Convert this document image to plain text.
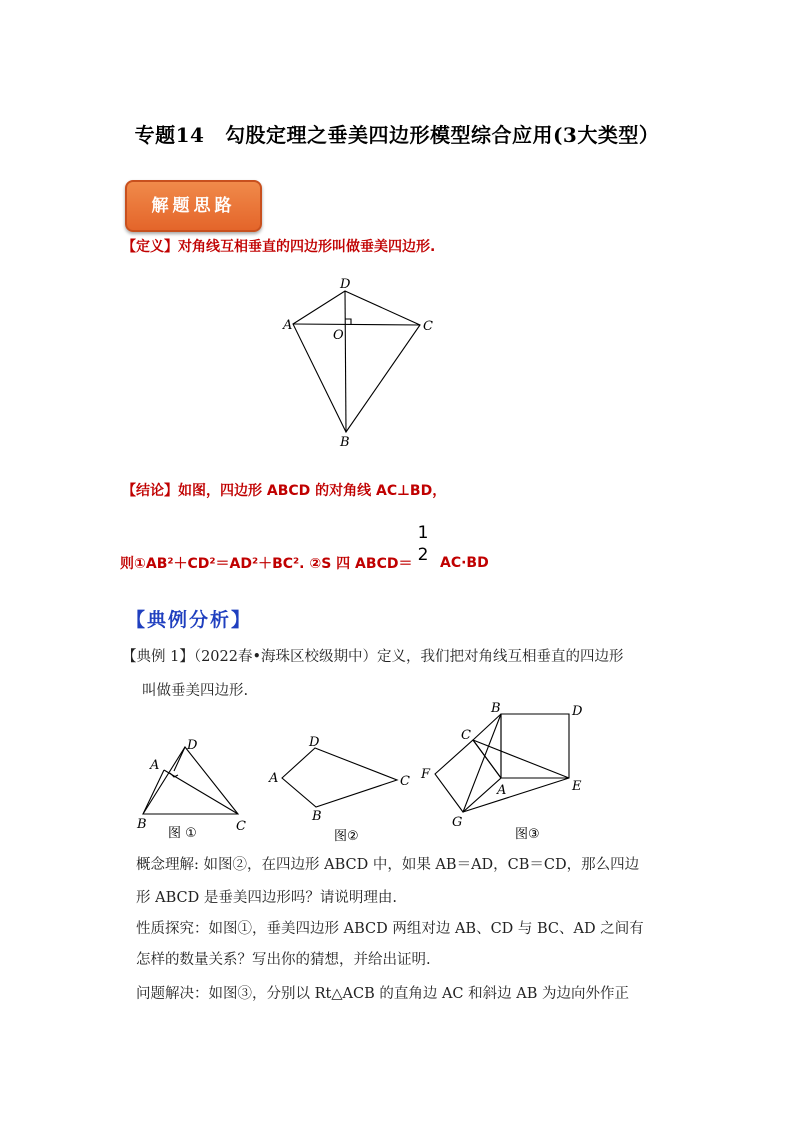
专题14　勾股定理之垂美四边形模型综合应用(3大类型）
解题思路
【定义】对角线互相垂直的四边形叫做垂美四边形.
D
A	C
O
B
【结论】如图，四边形 ABCD 的对角线 AC⊥BD，
则①AB²＋CD²＝AD²＋BC². ②S 四 ABCD＝
1
2 AC·BD
【典例分析】
【典例 1】（2022春•海珠区校级期中）定义，我们把对角线互相垂直的四边形
叫做垂美四边形.
D
A
B	C
图 ①
D
A	C
B
图②
B	D
C
F
A	E
G
图③
概念理解: 如图②，在四边形 ABCD 中，如果 AB＝AD，CB＝CD，那么四边
形 ABCD 是垂美四边形吗？请说明理由.
性质探究：如图①，垂美四边形 ABCD 两组对边 AB、CD 与 BC、AD 之间有
怎样的数量关系？写出你的猜想，并给出证明.
问题解决：如图③，分别以 Rt△ACB 的直角边 AC 和斜边 AB 为边向外作正
